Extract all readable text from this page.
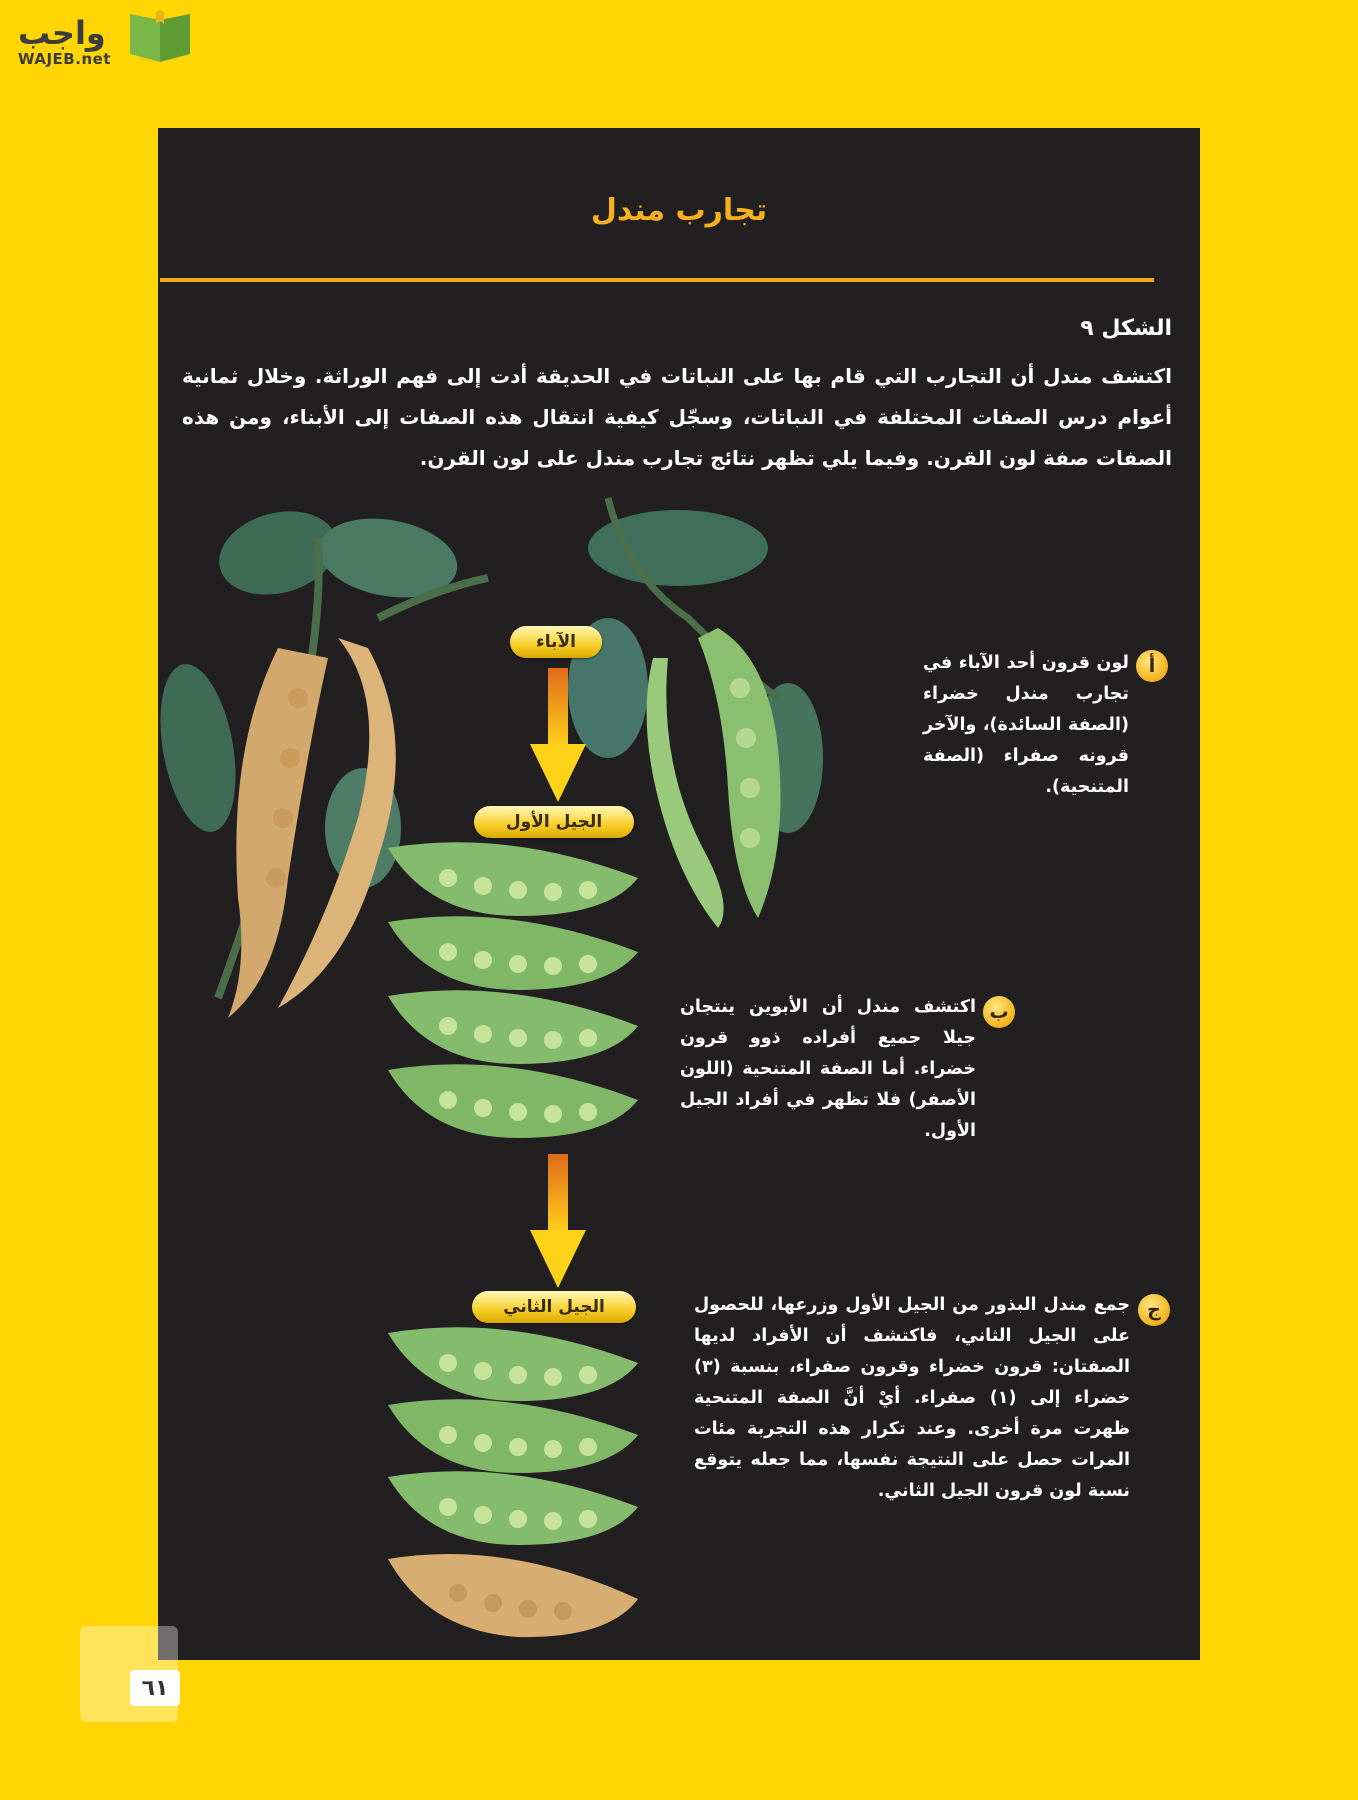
واجب
WAJEB.net
تجارب مندل
الشكل ٩
اكتشف مندل أن التجارب التي قام بها على النباتات في الحديقة أدت إلى فهم الوراثة. وخلال ثمانية أعوام درس الصفات المختلفة في النباتات، وسجّل كيفية انتقال هذه الصفات إلى الأبناء، ومن هذه الصفات صفة لون القرن. وفيما يلي تظهر نتائج تجارب مندل على لون القرن.
الآباء
الجيل الأول
الجيل الثاني
أ
لون قرون أحد الآباء في تجارب مندل خضراء (الصفة السائدة)، والآخر قرونه صفراء (الصفة المتنحية).
ب
اكتشف مندل أن الأبوين ينتجان جيلا جميع أفراده ذوو قرون خضراء. أما الصفة المتنحية (اللون الأصفر) فلا تظهر في أفراد الجيل الأول.
ج
جمع مندل البذور من الجيل الأول وزرعها، للحصول على الجيل الثاني، فاكتشف أن الأفراد لديها الصفتان: قرون خضراء وقرون صفراء، بنسبة (٣) خضراء إلى (١) صفراء. أيْ أنَّ الصفة المتنحية ظهرت مرة أخرى. وعند تكرار هذه التجربة مئات المرات حصل على النتيجة نفسها، مما جعله يتوقع نسبة لون قرون الجيل الثاني.
٦١
